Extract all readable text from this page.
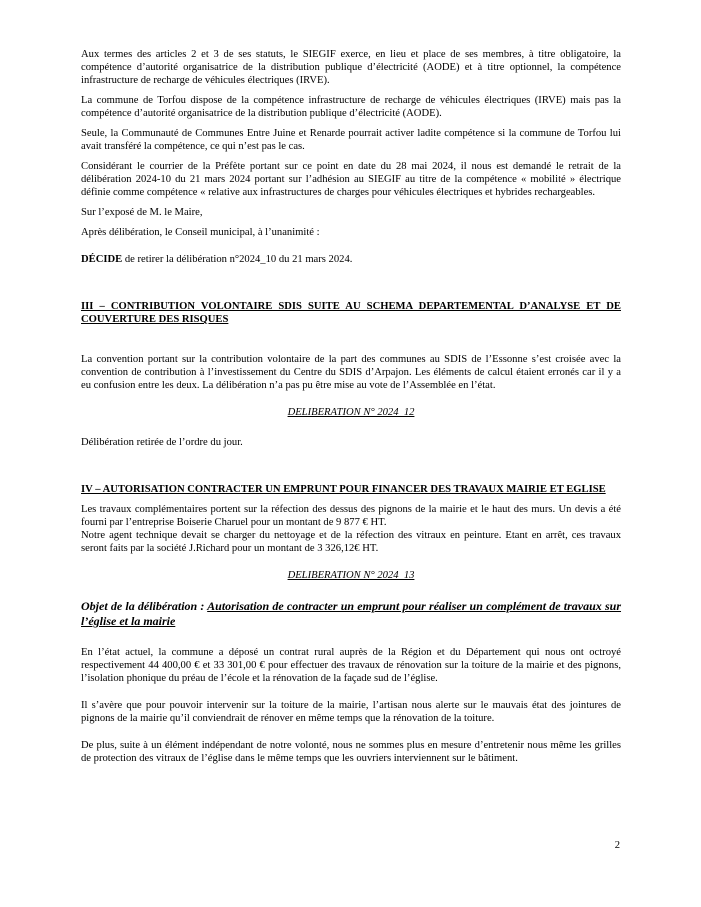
Aux termes des articles 2 et 3 de ses statuts, le SIEGIF exerce, en lieu et place de ses membres, à titre obligatoire, la compétence d’autorité organisatrice de la distribution publique d’électricité (AODE) et à titre optionnel, la compétence infrastructure de recharge de véhicules électriques (IRVE).

La commune de Torfou dispose de la compétence infrastructure de recharge de véhicules électriques (IRVE) mais pas la compétence d’autorité organisatrice de la distribution publique d’électricité (AODE).

Seule, la Communauté de Communes Entre Juine et Renarde pourrait activer ladite compétence si la commune de Torfou lui avait transféré la compétence, ce qui n’est pas le cas.

Considérant le courrier de la Préfète portant sur ce point en date du 28 mai 2024, il nous est demandé le retrait de la délibération 2024-10 du 21 mars 2024 portant sur l’adhésion au SIEGIF au titre de la compétence « mobilité » électrique définie comme compétence « relative aux infrastructures de charges pour véhicules électriques et hybrides rechargeables.

Sur l’exposé de M. le Maire,

Après délibération, le Conseil municipal, à l’unanimité :

DÉCIDE de retirer la délibération n°2024_10 du 21 mars 2024.

III – CONTRIBUTION VOLONTAIRE SDIS SUITE AU SCHEMA DEPARTEMENTAL D’ANALYSE ET DE COUVERTURE DES RISQUES

La convention portant sur la contribution volontaire de la part des communes au SDIS de l’Essonne s’est croisée avec la convention de contribution à l’investissement du Centre du SDIS d’Arpajon. Les éléments de calcul étaient erronés car il y a eu confusion entre les deux. La délibération n’a pas pu être mise au vote de l’Assemblée en l’état.

DELIBERATION N° 2024_12

Délibération retirée de l’ordre du jour.

IV – AUTORISATION CONTRACTER UN EMPRUNT POUR FINANCER DES TRAVAUX MAIRIE ET EGLISE

Les travaux complémentaires portent sur la réfection des dessus des pignons de la mairie et le haut des murs. Un devis a été fourni par l’entreprise Boiserie Charuel pour un montant de 9 877 € HT.

Notre agent technique devait se charger du nettoyage et de la réfection des vitraux en peinture. Etant en arrêt, ces travaux seront faits par la société J.Richard pour un montant de 3 326,12€ HT.

DELIBERATION N° 2024_13

Objet de la délibération : Autorisation de contracter un emprunt pour réaliser un complément de travaux sur l’église et la mairie

En l’état actuel, la commune a déposé un contrat rural auprès de la Région et du Département qui nous ont octroyé respectivement 44 400,00 € et 33 301,00 € pour effectuer des travaux de rénovation sur la toiture de la mairie et des pignons, l’isolation phonique du préau de l’école et la rénovation de la façade sud de l’église.

Il s’avère que pour pouvoir intervenir sur la toiture de la mairie, l’artisan nous alerte sur le mauvais état des jointures de pignons de la mairie qu’il conviendrait de rénover en même temps que la rénovation de la toiture.

De plus, suite à un élément indépendant de notre volonté, nous ne sommes plus en mesure d’entretenir nous même les grilles de protection des vitraux de l’église dans le même temps que les ouvriers interviennent sur le bâtiment.

2
